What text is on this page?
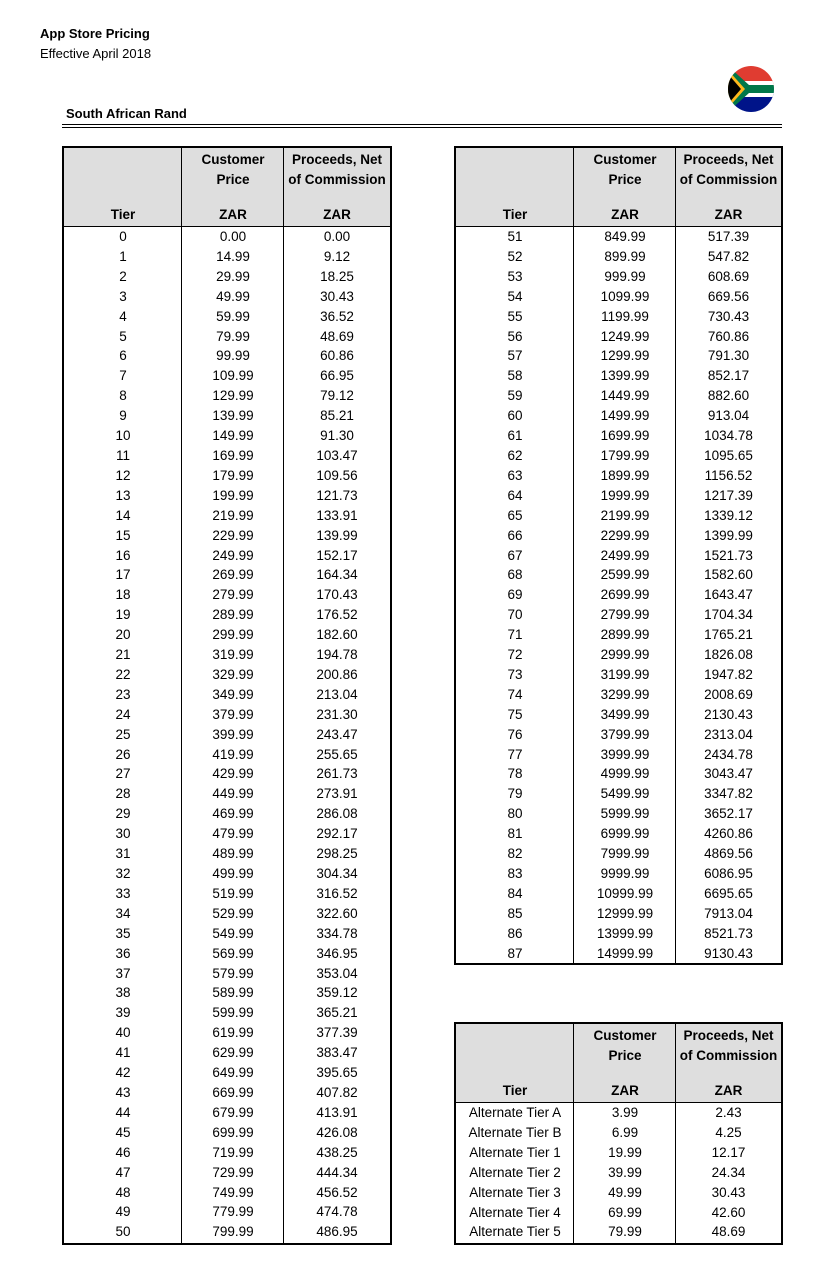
App Store Pricing
Effective April 2018
South African Rand
Tier
Customer
Price
ZAR
Proceeds, Net
of Commission
ZAR
0	0.00	0.00
1	14.99	9.12
2	29.99	18.25
3	49.99	30.43
4	59.99	36.52
5	79.99	48.69
6	99.99	60.86
7	109.99	66.95
8	129.99	79.12
9	139.99	85.21
10	149.99	91.30
11	169.99	103.47
12	179.99	109.56
13	199.99	121.73
14	219.99	133.91
15	229.99	139.99
16	249.99	152.17
17	269.99	164.34
18	279.99	170.43
19	289.99	176.52
20	299.99	182.60
21	319.99	194.78
22	329.99	200.86
23	349.99	213.04
24	379.99	231.30
25	399.99	243.47
26	419.99	255.65
27	429.99	261.73
28	449.99	273.91
29	469.99	286.08
30	479.99	292.17
31	489.99	298.25
32	499.99	304.34
33	519.99	316.52
34	529.99	322.60
35	549.99	334.78
36	569.99	346.95
37	579.99	353.04
38	589.99	359.12
39	599.99	365.21
40	619.99	377.39
41	629.99	383.47
42	649.99	395.65
43	669.99	407.82
44	679.99	413.91
45	699.99	426.08
46	719.99	438.25
47	729.99	444.34
48	749.99	456.52
49	779.99	474.78
50	799.99	486.95
Tier
Customer
Price
ZAR
Proceeds, Net
of Commission
ZAR
51	849.99	517.39
52	899.99	547.82
53	999.99	608.69
54	1099.99	669.56
55	1199.99	730.43
56	1249.99	760.86
57	1299.99	791.30
58	1399.99	852.17
59	1449.99	882.60
60	1499.99	913.04
61	1699.99	1034.78
62	1799.99	1095.65
63	1899.99	1156.52
64	1999.99	1217.39
65	2199.99	1339.12
66	2299.99	1399.99
67	2499.99	1521.73
68	2599.99	1582.60
69	2699.99	1643.47
70	2799.99	1704.34
71	2899.99	1765.21
72	2999.99	1826.08
73	3199.99	1947.82
74	3299.99	2008.69
75	3499.99	2130.43
76	3799.99	2313.04
77	3999.99	2434.78
78	4999.99	3043.47
79	5499.99	3347.82
80	5999.99	3652.17
81	6999.99	4260.86
82	7999.99	4869.56
83	9999.99	6086.95
84	10999.99	6695.65
85	12999.99	7913.04
86	13999.99	8521.73
87	14999.99	9130.43
Tier
Customer
Price
ZAR
Proceeds, Net
of Commission
ZAR
Alternate Tier A	3.99	2.43
Alternate Tier B	6.99	4.25
Alternate Tier 1	19.99	12.17
Alternate Tier 2	39.99	24.34
Alternate Tier 3	49.99	30.43
Alternate Tier 4	69.99	42.60
Alternate Tier 5	79.99	48.69
